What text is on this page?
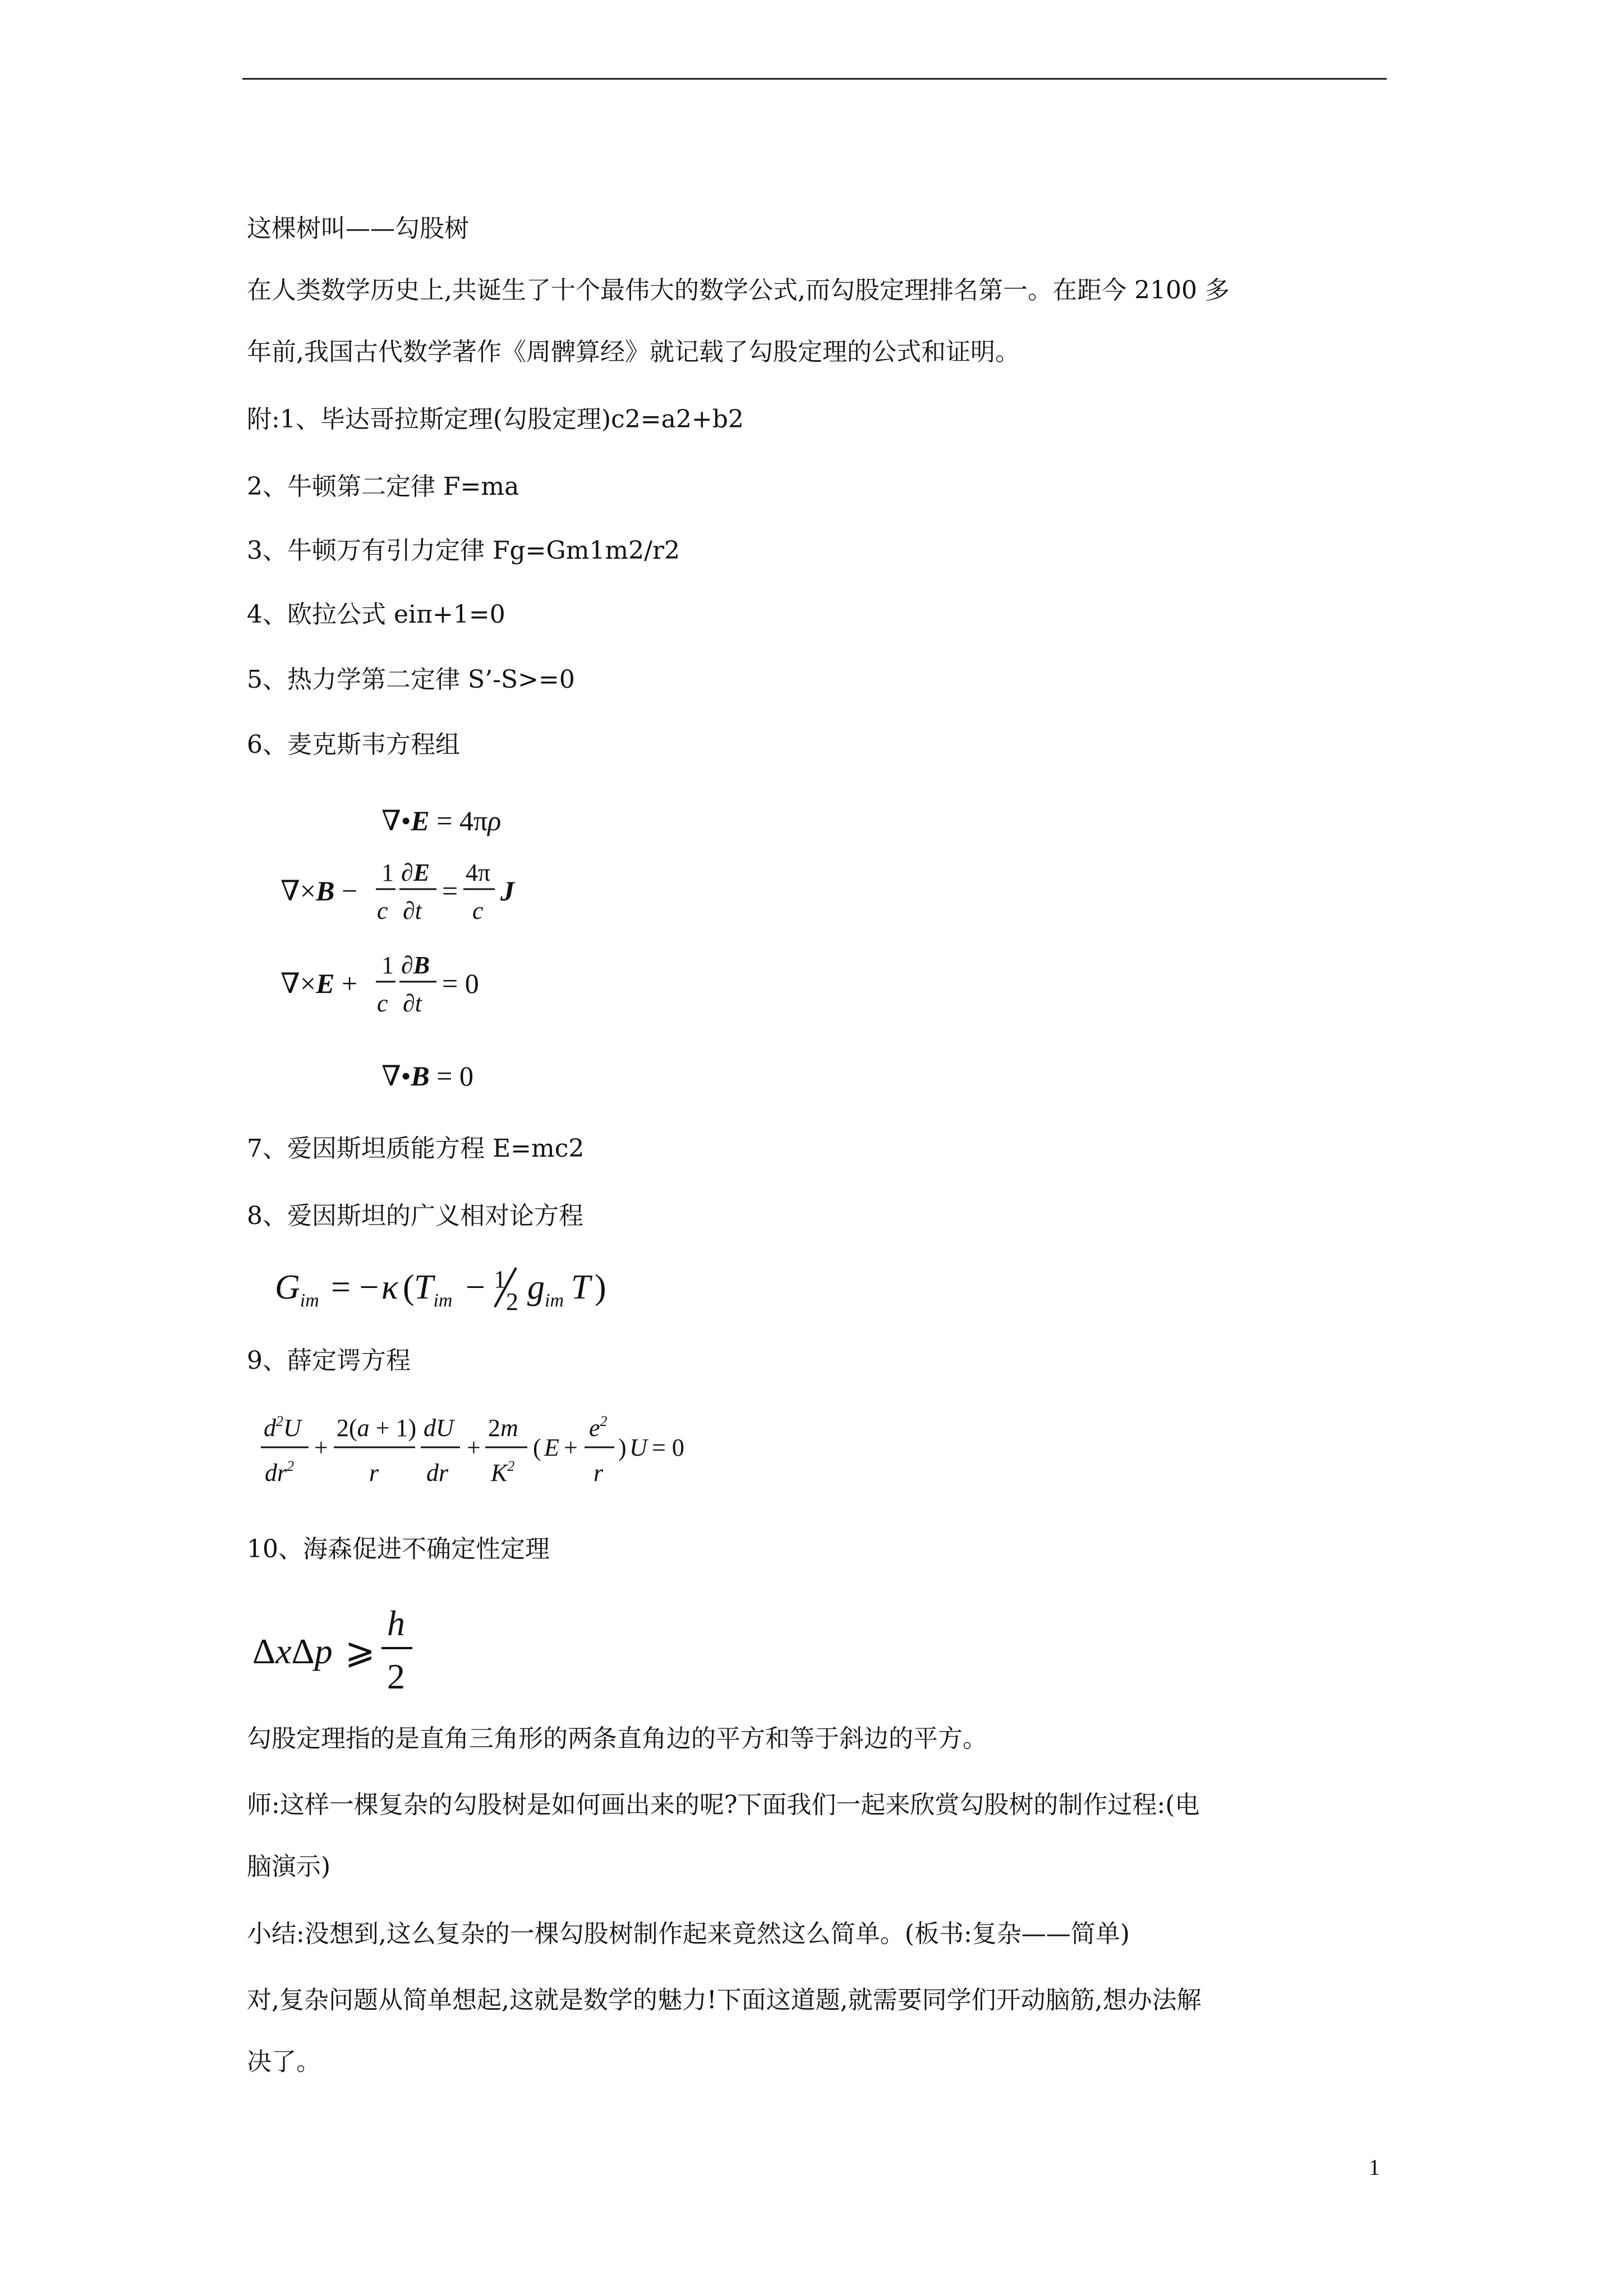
这棵树叫——勾股树
在人类数学历史上,共诞生了十个最伟大的数学公式,而勾股定理排名第一。在距今 2100 多
年前,我国古代数学著作《周髀算经》就记载了勾股定理的公式和证明。
附:1、毕达哥拉斯定理(勾股定理)c2=a2+b2
2、牛顿第二定律 F=ma
3、牛顿万有引力定律 Fg=Gm1m2/r2
4、欧拉公式 eiπ+1=0
5、热力学第二定律 S’-S>=0
6、麦克斯韦方程组
∇•E = 4πρ
∇×B −
1
c
∂E
∂t
=
4π
c
J
∇×E +
1
c
∂B
∂t
= 0
∇•B = 0
7、爱因斯坦质能方程 E=mc2
8、爱因斯坦的广义相对论方程
$G_{im}$ = − κ ( $T_{im} - 1$
2 $g_{im}$ T )
9、薛定谔方程
$d^2U$
$dr^2$
+
2(a + 1)
r
dU
dr
+
2m
$K^2$
( E +
$e^2$
r
) U = 0
10、海森促进不确定性定理
ΔxΔp ⩾
h
2
勾股定理指的是直角三角形的两条直角边的平方和等于斜边的平方。
师:这样一棵复杂的勾股树是如何画出来的呢?下面我们一起来欣赏勾股树的制作过程:(电
脑演示)
小结:没想到,这么复杂的一棵勾股树制作起来竟然这么简单。(板书:复杂——简单)
对,复杂问题从简单想起,这就是数学的魅力!下面这道题,就需要同学们开动脑筋,想办法解
决了。
1
